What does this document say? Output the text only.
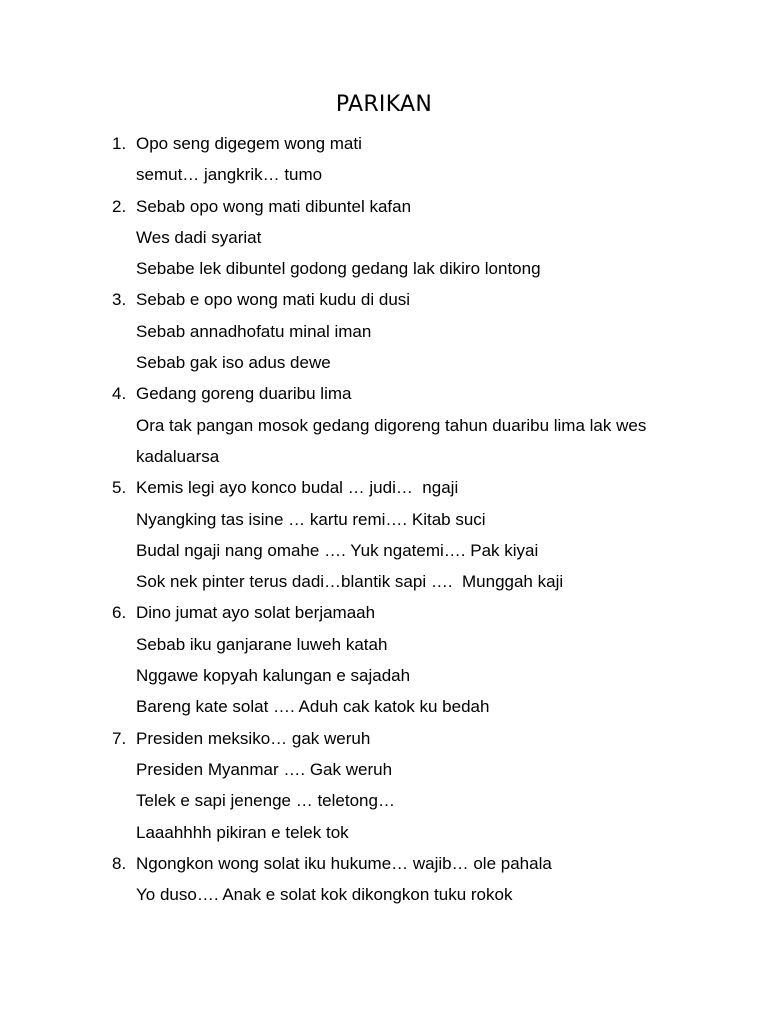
PARIKAN
1. Opo seng digegem wong mati
semut… jangkrik… tumo
2. Sebab opo wong mati dibuntel kafan
Wes dadi syariat
Sebabe lek dibuntel godong gedang lak dikiro lontong
3. Sebab e opo wong mati kudu di dusi
Sebab annadhofatu minal iman
Sebab gak iso adus dewe
4. Gedang goreng duaribu lima
Ora tak pangan mosok gedang digoreng tahun duaribu lima lak wes
kadaluarsa
5. Kemis legi ayo konco budal … judi…  ngaji
Nyangking tas isine … kartu remi…. Kitab suci
Budal ngaji nang omahe …. Yuk ngatemi…. Pak kiyai
Sok nek pinter terus dadi…blantik sapi ….  Munggah kaji
6. Dino jumat ayo solat berjamaah
Sebab iku ganjarane luweh katah
Nggawe kopyah kalungan e sajadah
Bareng kate solat …. Aduh cak katok ku bedah
7. Presiden meksiko… gak weruh
Presiden Myanmar …. Gak weruh
Telek e sapi jenenge … teletong…
Laaahhhh pikiran e telek tok
8. Ngongkon wong solat iku hukume… wajib… ole pahala
Yo duso…. Anak e solat kok dikongkon tuku rokok
